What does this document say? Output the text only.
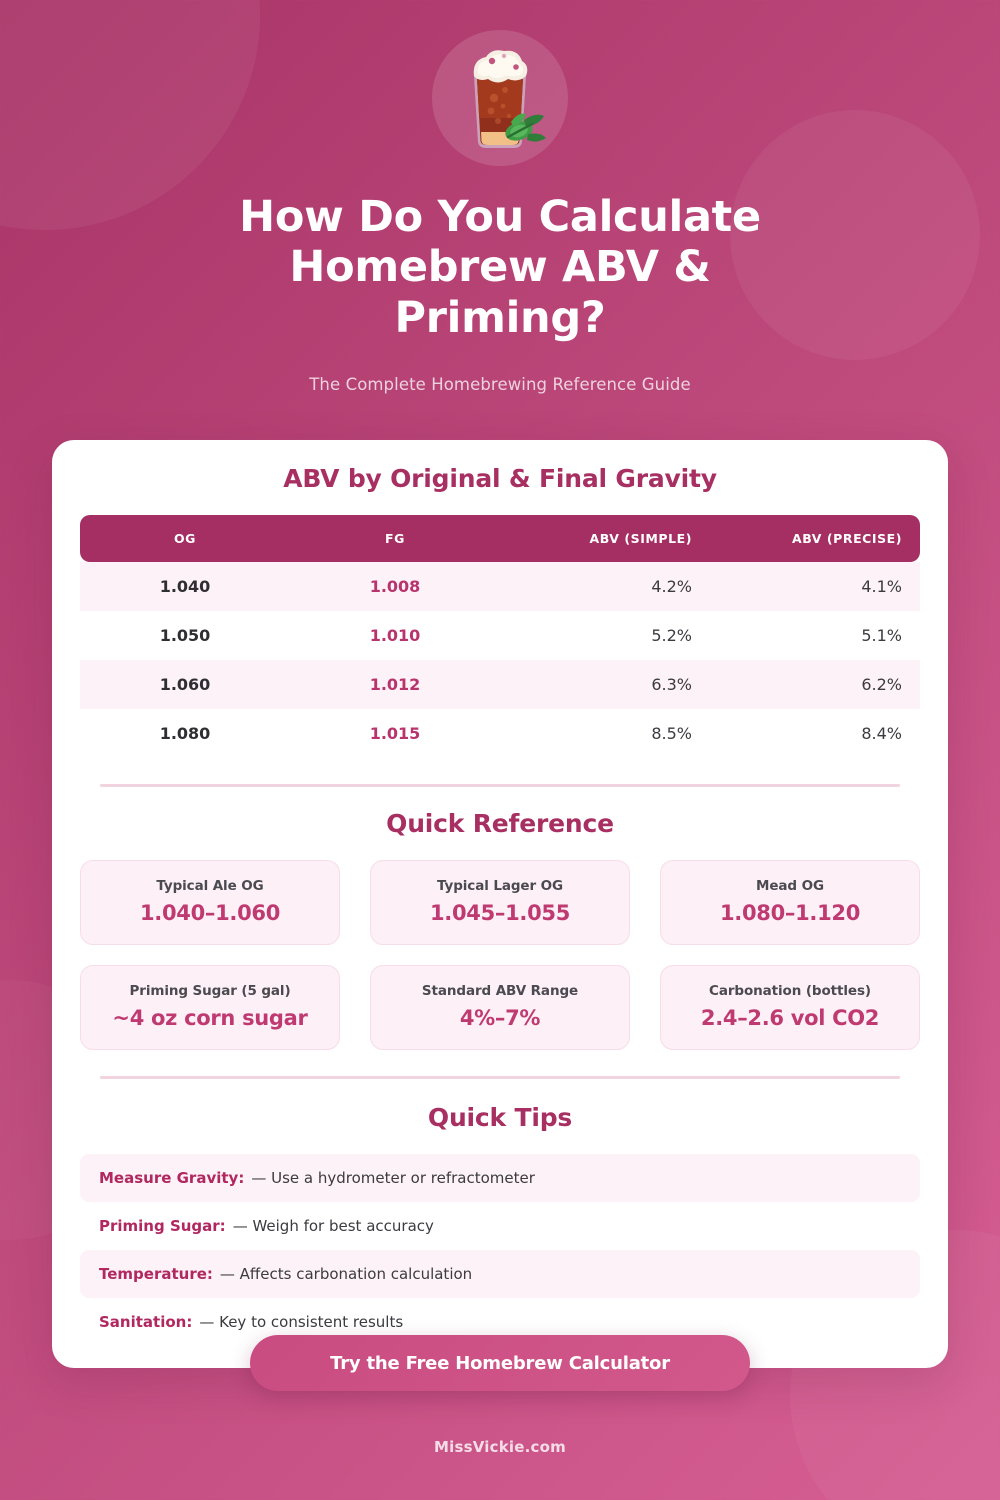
How Do You Calculate Homebrew ABV & Priming?
The Complete Homebrewing Reference Guide
ABV by Original & Final Gravity
OG	FG	ABV (SIMPLE)	ABV (PRECISE)
1.040	1.008	4.2%	4.1%
1.050	1.010	5.2%	5.1%
1.060	1.012	6.3%	6.2%
1.080	1.015	8.5%	8.4%
Quick Reference
Typical Ale OG
1.040–1.060
Typical Lager OG
1.045–1.055
Mead OG
1.080–1.120
Priming Sugar (5 gal)
~4 oz corn sugar
Standard ABV Range
4%–7%
Carbonation (bottles)
2.4–2.6 vol CO2
Quick Tips
Measure Gravity: — Use a hydrometer or refractometer
Priming Sugar: — Weigh for best accuracy
Temperature: — Affects carbonation calculation
Sanitation: — Key to consistent results
Try the Free Homebrew Calculator
MissVickie.com
